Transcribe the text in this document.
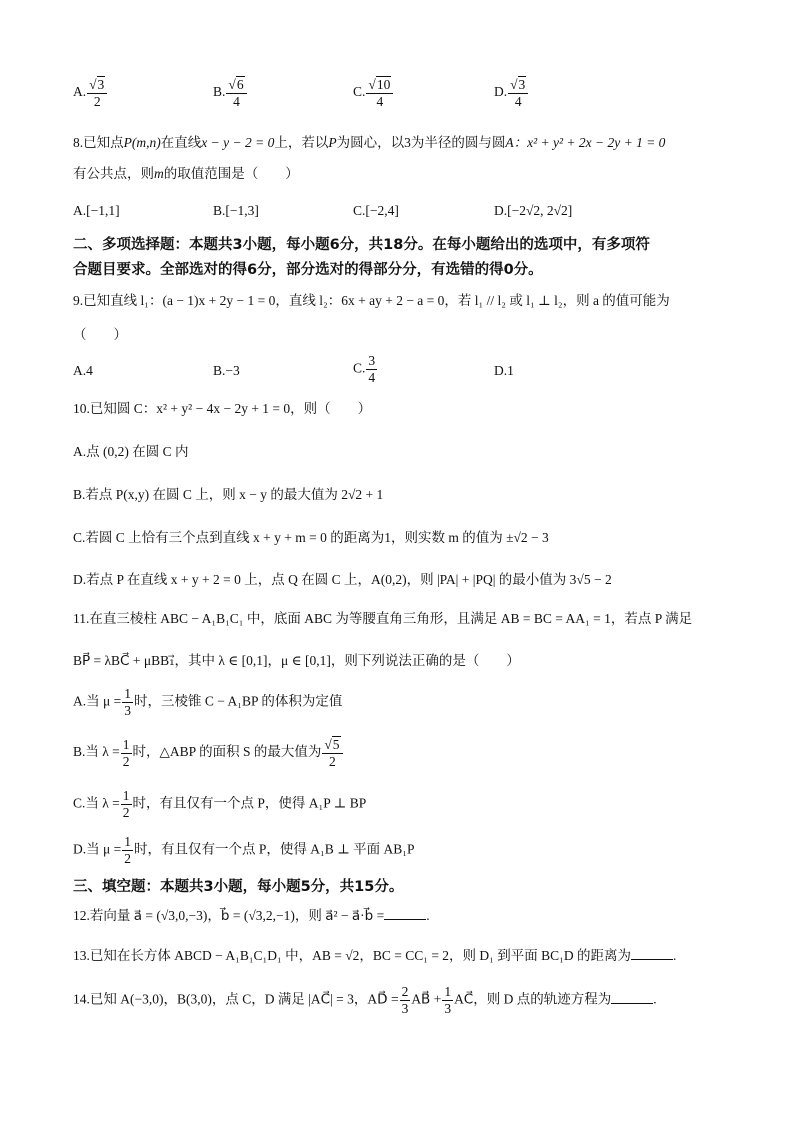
A. $\frac{√3}{2}$	B. $\frac{√6}{4}$	C. $\frac{√10}{4}$	D. $\frac{√3}{4}$
8.已知点P(m,n)在直线x − y − 2 = 0上，若以P为圆心，以3为半径的圆与圆A：x² + y² + 2x − 2y + 1 = 0
有公共点，则m的取值范围是（　　）
A.[−1,1]	B.[−1,3]	C.[−2,4]	D.[−2√2, 2√2]
二、多项选择题：本题共3小题，每小题6分，共18分。在每小题给出的选项中，有多项符
合题目要求。全部选对的得6分，部分选对的得部分分，有选错的得0分。
9.已知直线 l₁：(a − 1)x + 2y − 1 = 0，直线 l₂：6x + ay + 2 − a = 0，若 l₁ // l₂ 或 l₁ ⊥ l₂，则 a 的值可能为
（　　）
A.4	B.−3	C. $\frac{3}{4}$	D.1
10.已知圆 C：x² + y² − 4x − 2y + 1 = 0，则（　　）
A.点 (0,2) 在圆 C 内
B.若点 P(x,y) 在圆 C 上，则 x − y 的最大值为 2√2 + 1
C.若圆 C 上恰有三个点到直线 x + y + m = 0 的距离为1，则实数 m 的值为 ±√2 − 3
D.若点 P 在直线 x + y + 2 = 0 上，点 Q 在圆 C 上，A(0,2)，则 |PA| + |PQ| 的最小值为 3√5 − 2
11.在直三棱柱 ABC − A₁B₁C₁ 中，底面 ABC 为等腰直角三角形，且满足 AB = BC = AA₁ = 1，若点 P 满足
BP⃗ = λBC⃗ + μBB₁⃗，其中 λ ∈ [0,1]，μ ∈ [0,1]，则下列说法正确的是（　　）
A.当 $\mu = \frac{1}{3}$ 时，三棱锥 C − A₁BP 的体积为定值
B.当 $\lambda = \frac{1}{2}$ 时，△ABP 的面积 S 的最大值为 $\frac{√5}{2}$
C.当 $\lambda = \frac{1}{2}$ 时，有且仅有一个点 P，使得 A₁P ⊥ BP
D.当 $\mu = \frac{1}{2}$ 时，有且仅有一个点 P，使得 A₁B ⊥ 平面 AB₁P
三、填空题：本题共3小题，每小题5分，共15分。
12.若向量 a⃗ = (√3,0,−3)，b⃗ = (√3,2,−1)，则 a⃗² − a⃗·b⃗ =	.
13.已知在长方体 ABCD − A₁B₁C₁D₁ 中，AB = √2，BC = CC₁ = 2，则 D₁ 到平面 BC₁D 的距离为	.
14.已知 A(−3,0)，B(3,0)，点 C，D 满足 |AC⃗| = 3，AD⃗ = $\frac{2}{3}$ AB⃗ + $\frac{1}{3}$ AC⃗，则 D 点的轨迹方程为	.
